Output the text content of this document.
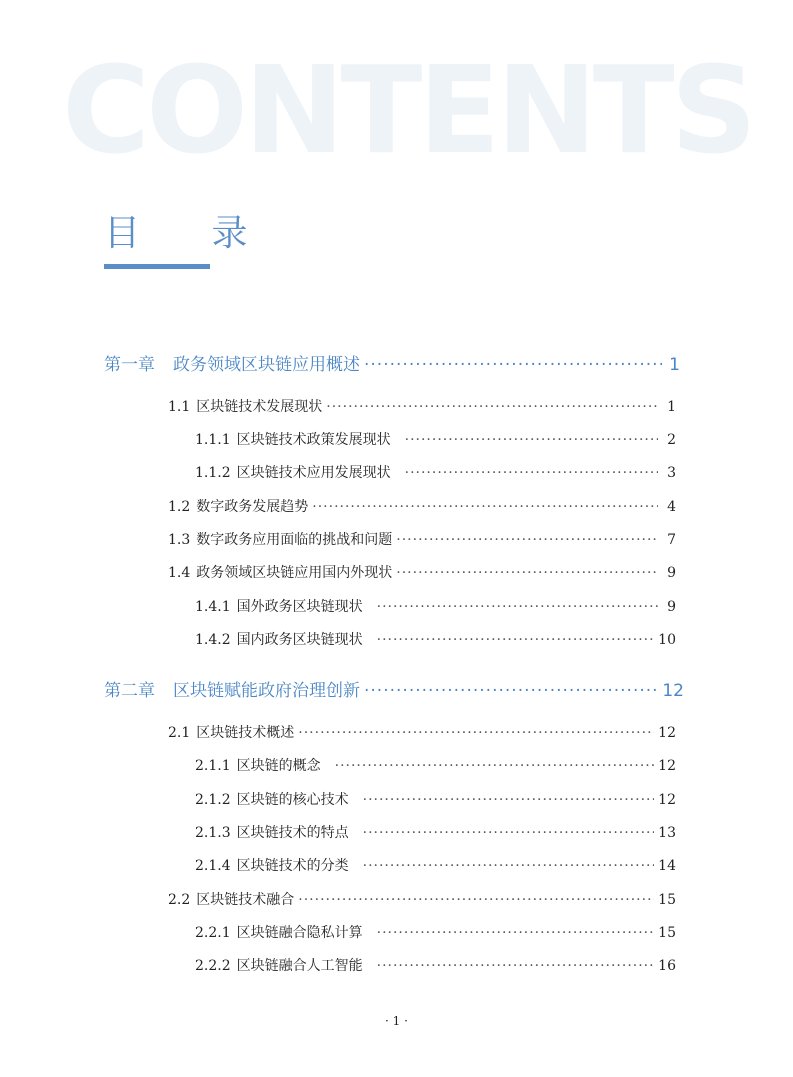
CONTENTS
目 录
第一章 政务领域区块链应用概述 ·····	1
1.1 区块链技术发展现状 ·····	1
1.1.1 区块链技术政策发展现状 ·····	2
1.1.2 区块链技术应用发展现状 ·····	3
1.2 数字政务发展趋势 ·····	4
1.3 数字政务应用面临的挑战和问题 ·····	7
1.4 政务领域区块链应用国内外现状 ·····	9
1.4.1 国外政务区块链现状 ·····	9
1.4.2 国内政务区块链现状 ·····	10
第二章 区块链赋能政府治理创新 ·····	12
2.1 区块链技术概述 ·····	12
2.1.1 区块链的概念 ·····	12
2.1.2 区块链的核心技术 ·····	12
2.1.3 区块链技术的特点 ·····	13
2.1.4 区块链技术的分类 ·····	14
2.2 区块链技术融合 ·····	15
2.2.1 区块链融合隐私计算 ·····	15
2.2.2 区块链融合人工智能 ·····	16
· 1 ·
